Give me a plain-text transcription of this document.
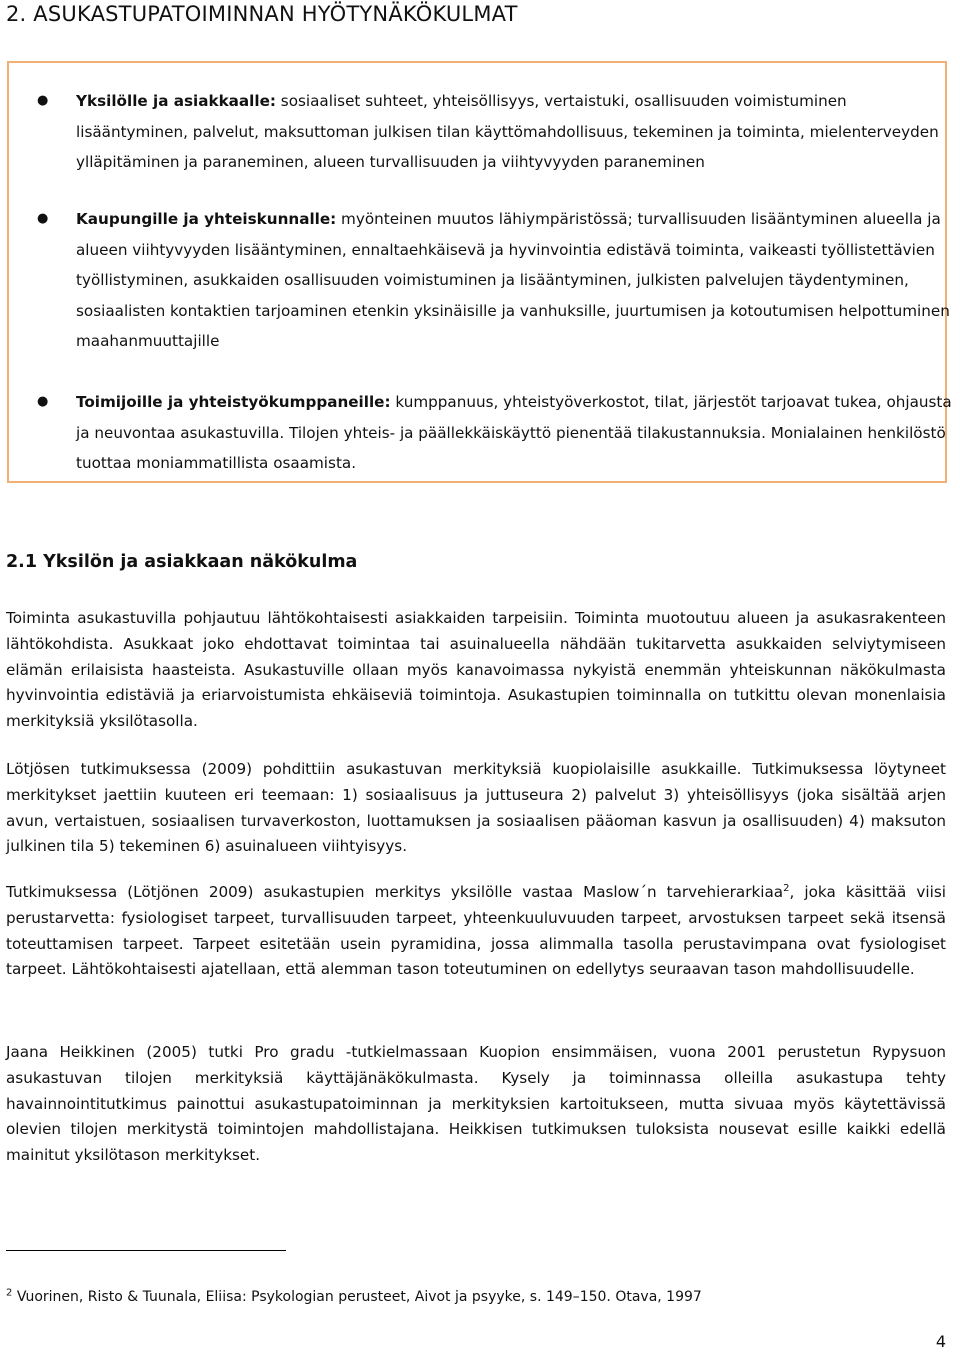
2. ASUKASTUPATOIMINNAN HYÖTYNÄKÖKULMAT
● Yksilölle ja asiakkaalle: sosiaaliset suhteet, yhteisöllisyys, vertaistuki, osallisuuden voimistuminen lisääntyminen, palvelut, maksuttoman julkisen tilan käyttömahdollisuus, tekeminen ja toiminta, mielenterveyden ylläpitäminen ja paraneminen, alueen turvallisuuden ja viihtyvyyden paraneminen
● Kaupungille ja yhteiskunnalle: myönteinen muutos lähiympäristössä; turvallisuuden lisääntyminen alueella ja alueen viihtyvyyden lisääntyminen, ennaltaehkäisevä ja hyvinvointia edistävä toiminta, vaikeasti työllistettävien työllistyminen, asukkaiden osallisuuden voimistuminen ja lisääntyminen, julkisten palvelujen täydentyminen, sosiaalisten kontaktien tarjoaminen etenkin yksinäisille ja vanhuksille, juurtumisen ja kotoutumisen helpottuminen maahanmuuttajille
● Toimijoille ja yhteistyökumppaneille: kumppanuus, yhteistyöverkostot, tilat, järjestöt tarjoavat tukea, ohjausta ja neuvontaa asukastuvilla. Tilojen yhteis- ja päällekkäiskäyttö pienentää tilakustannuksia. Monialainen henkilöstö tuottaa moniammatillista osaamista.
2.1 Yksilön ja asiakkaan näkökulma

Toiminta asukastuvilla pohjautuu lähtökohtaisesti asiakkaiden tarpeisiin. Toiminta muotoutuu alueen ja asukasrakenteen lähtökohdista. Asukkaat joko ehdottavat toimintaa tai asuinalueella nähdään tukitarvetta asukkaiden selviytymiseen elämän erilaisista haasteista. Asukastuville ollaan myös kanavoimassa nykyistä enemmän yhteiskunnan näkökulmasta hyvinvointia edistäviä ja eriarvoistumista ehkäiseviä toimintoja. Asukastupien toiminnalla on tutkittu olevan monenlaisia merkityksiä yksilötasolla.

Lötjösen tutkimuksessa (2009) pohdittiin asukastuvan merkityksiä kuopiolaisille asukkaille. Tutkimuksessa löytyneet merkitykset jaettiin kuuteen eri teemaan: 1) sosiaalisuus ja juttuseura 2) palvelut 3) yhteisöllisyys (joka sisältää arjen avun, vertaistuen, sosiaalisen turvaverkoston, luottamuksen ja sosiaalisen pääoman kasvun ja osallisuuden) 4) maksuton julkinen tila 5) tekeminen 6) asuinalueen viihtyisyys.

Tutkimuksessa (Lötjönen 2009) asukastupien merkitys yksilölle vastaa Maslow´n tarvehierarkiaa$^2$, joka käsittää viisi perustarvetta: fysiologiset tarpeet, turvallisuuden tarpeet, yhteenkuuluvuuden tarpeet, arvostuksen tarpeet sekä itsensä toteuttamisen tarpeet. Tarpeet esitetään usein pyramidina, jossa alimmalla tasolla perustavimpana ovat fysiologiset tarpeet. Lähtökohtaisesti ajatellaan, että alemman tason toteutuminen on edellytys seuraavan tason mahdollisuudelle.

Jaana Heikkinen (2005) tutki Pro gradu -tutkielmassaan Kuopion ensimmäisen, vuona 2001 perustetun Rypysuon asukastuvan tilojen merkityksiä käyttäjänäkökulmasta. Kysely ja toiminnassa olleilla asukastupa tehty havainnointitutkimus painottui asukastupatoiminnan ja merkityksien kartoitukseen, mutta sivuaa myös käytettävissä olevien tilojen merkitystä toimintojen mahdollistajana. Heikkisen tutkimuksen tuloksista nousevat esille kaikki edellä mainitut yksilötason merkitykset.

$^2$ Vuorinen, Risto & Tuunala, Eliisa: Psykologian perusteet, Aivot ja psyyke, s. 149–150. Otava, 1997

4
